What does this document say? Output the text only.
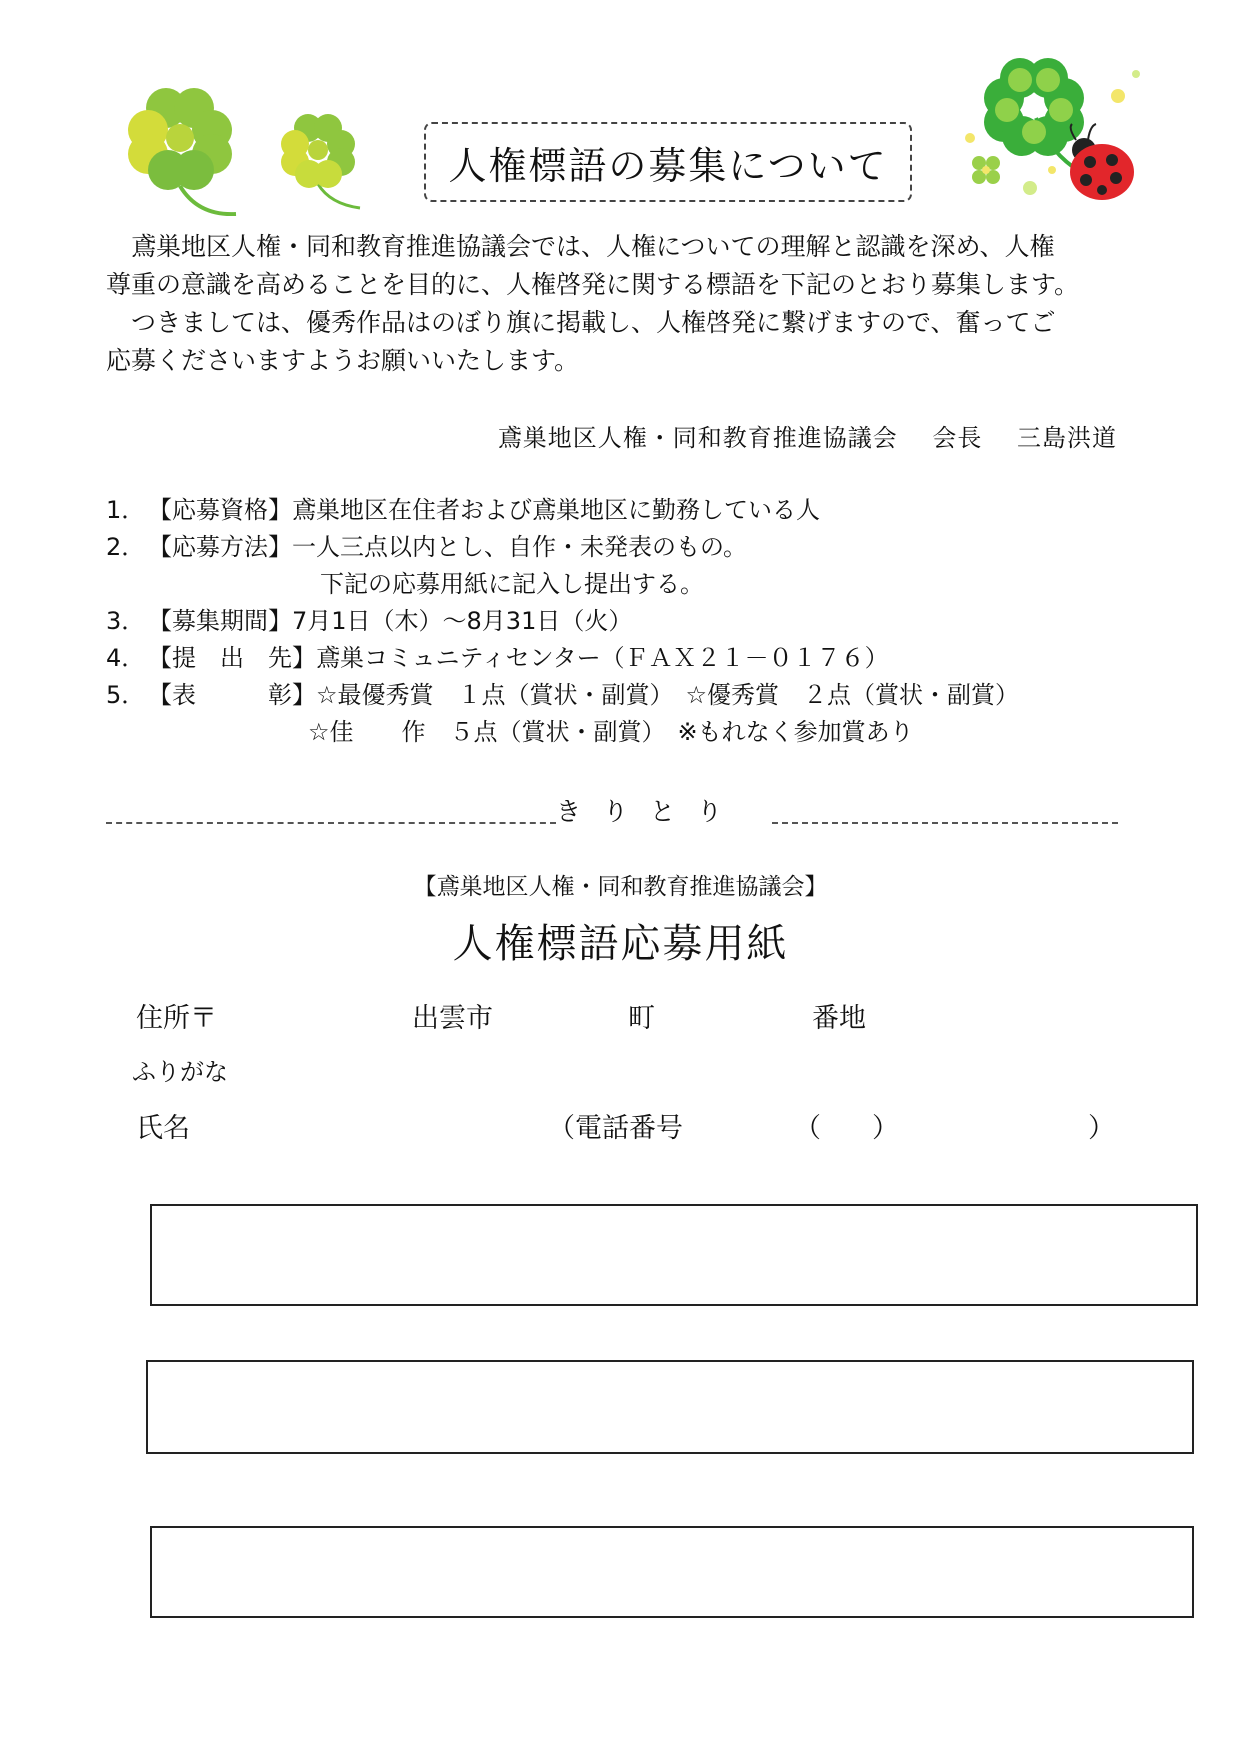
人権標語の募集について

鳶巣地区人権・同和教育推進協議会では、人権についての理解と認識を深め、人権

尊重の意識を高めることを目的に、人権啓発に関する標語を下記のとおり募集します。

つきましては、優秀作品はのぼり旗に掲載し、人権啓発に繋げますので、奮ってご

応募くださいますようお願いいたします。

鳶巣地区人権・同和教育推進協議会 会長 三島洪道
1． 【応募資格】鳶巣地区在住者および鳶巣地区に勤務している人
2． 【応募方法】一人三点以内とし、自作・未発表のもの。
下記の応募用紙に記入し提出する。
3． 【募集期間】7月1日（木）～8月31日（火）
4． 【提　出　先】鳶巣コミュニティセンター（ＦＡＸ２１－０１７６）
5． 【表　　　彰】☆最優秀賞　１点（賞状・副賞）　☆優秀賞　２点（賞状・副賞）
☆佳　　作　５点（賞状・副賞）　※もれなく参加賞あり
きりとり
【鳶巣地区人権・同和教育推進協議会】
人権標語応募用紙
住所〒	出雲市	町	番地
ふりがな
氏名	（電話番号	（ ）	）
